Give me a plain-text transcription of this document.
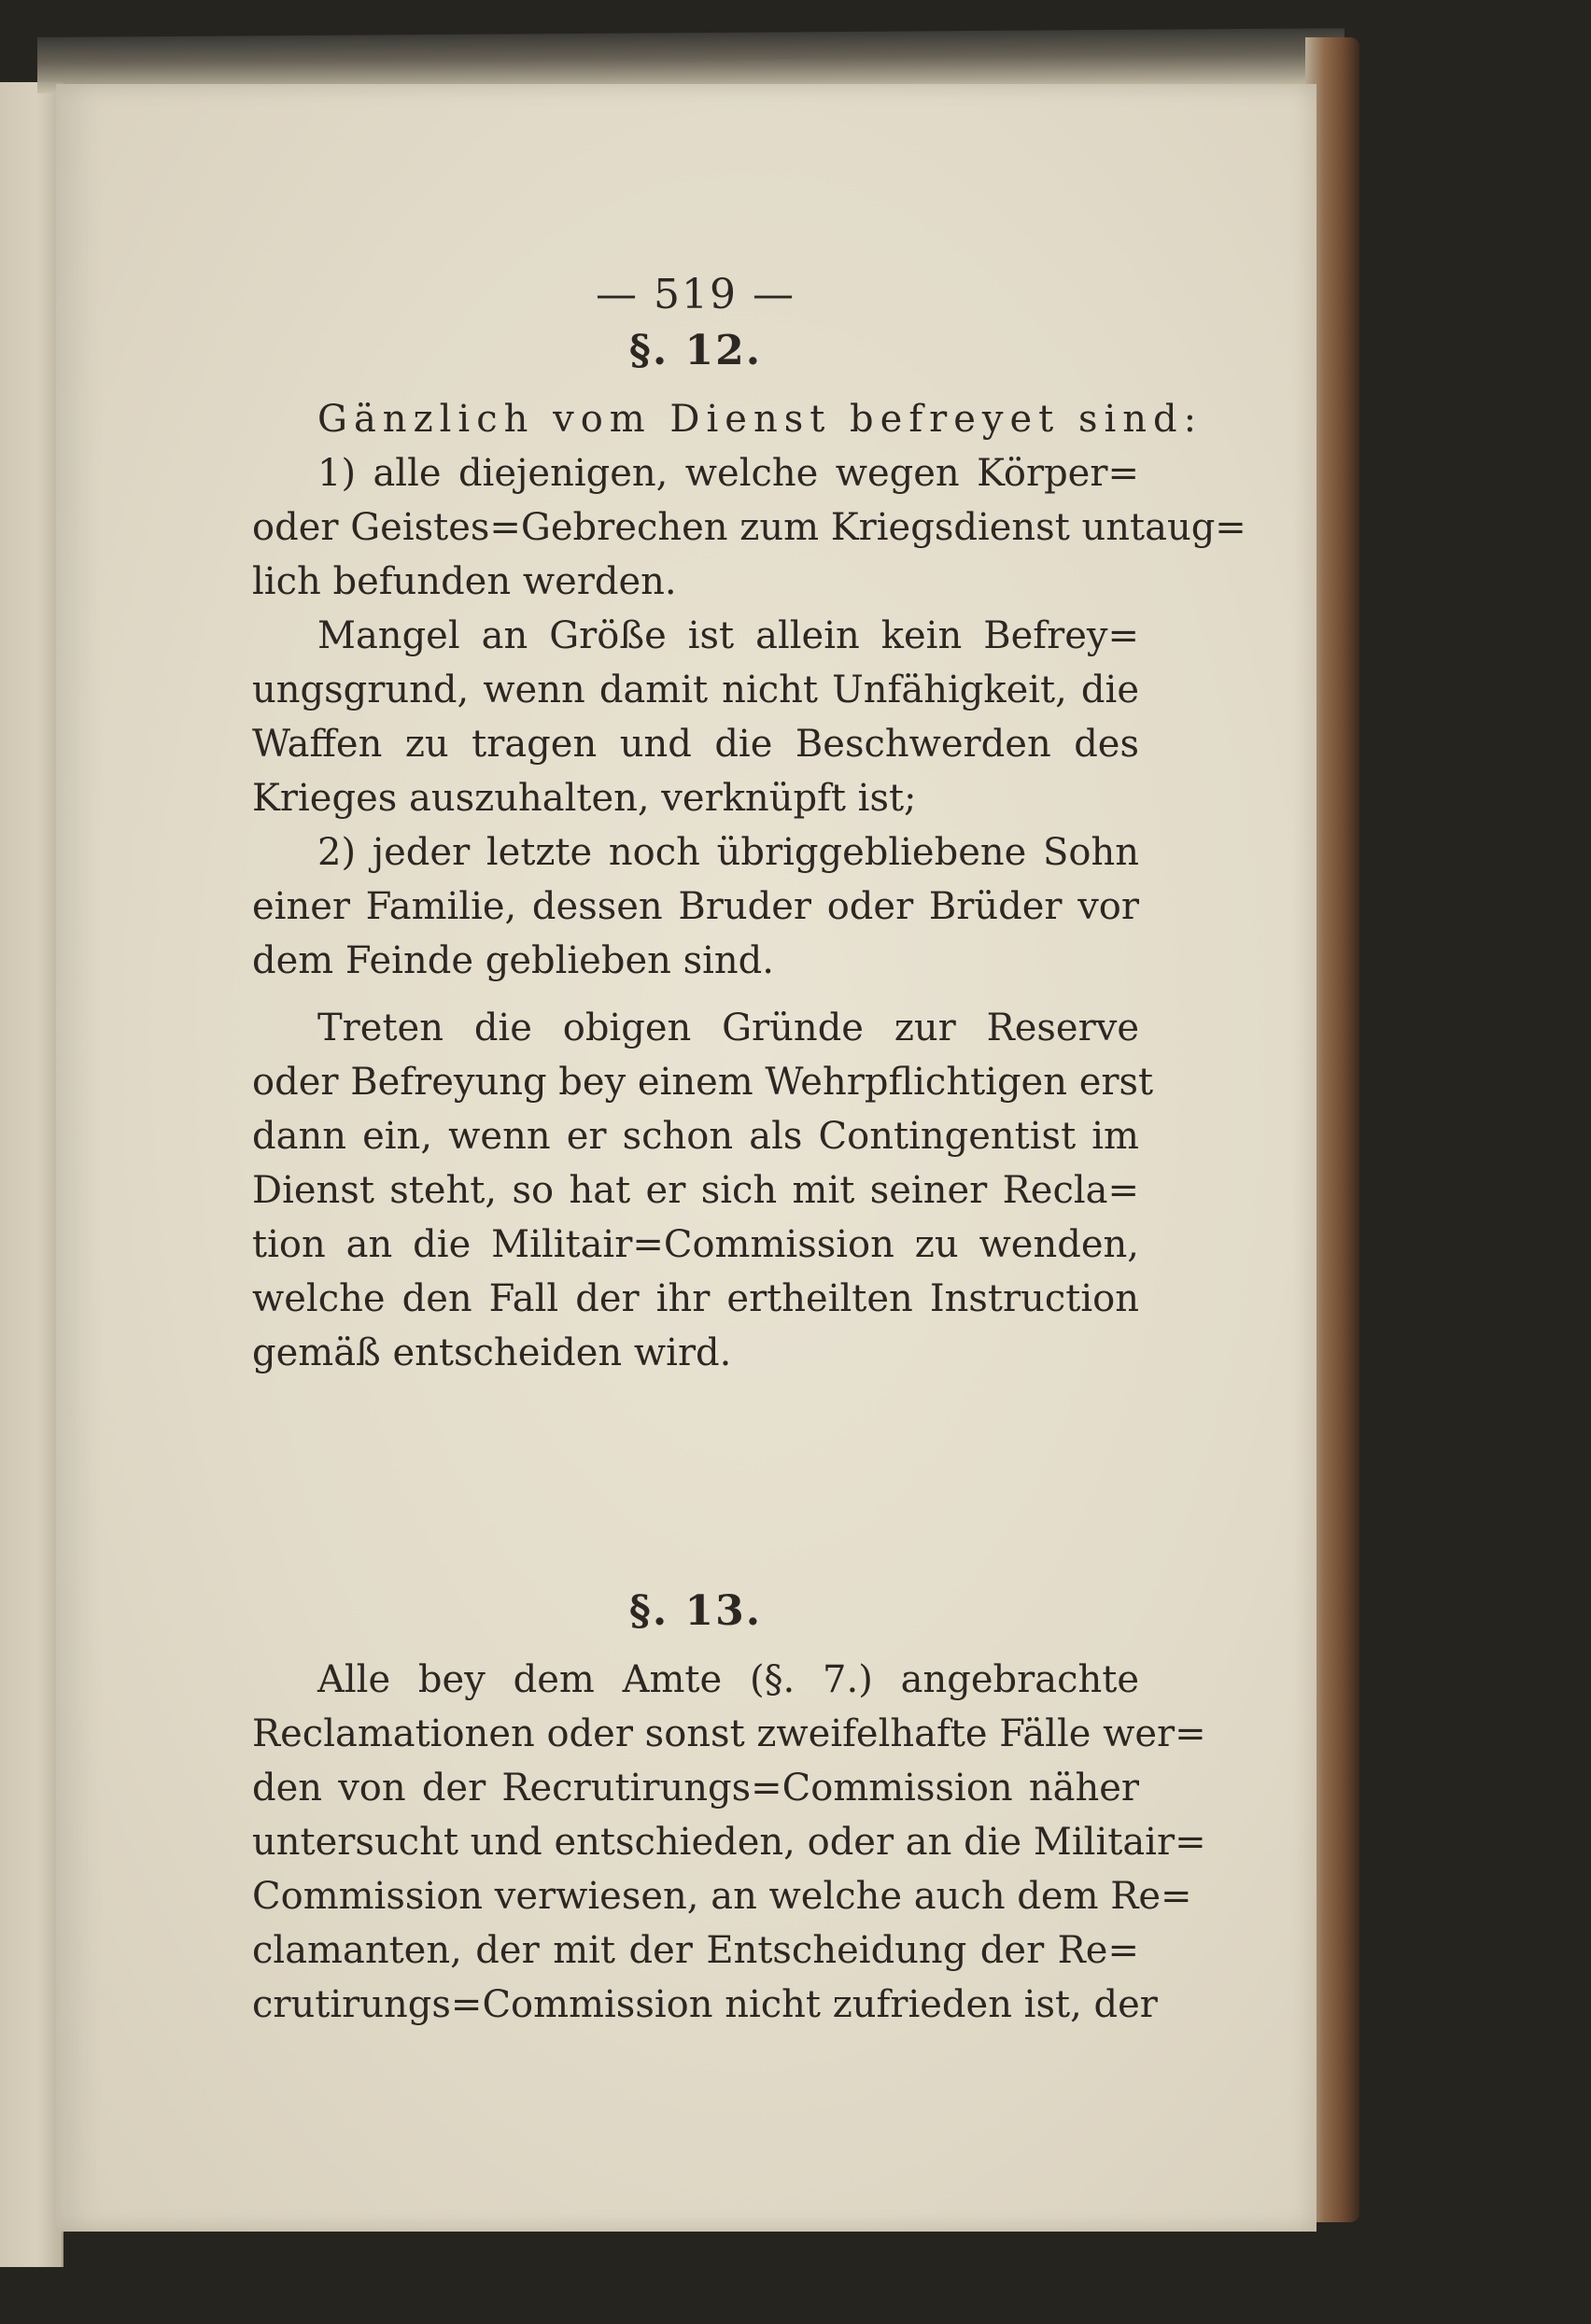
— 519 —

§. 12.

Gänzlich vom Dienst befreyet sind:

1) alle diejenigen, welche wegen Körper=

oder Geistes=Gebrechen zum Kriegsdienst untaug=

lich befunden werden.

Mangel an Größe ist allein kein Befrey=

ungsgrund, wenn damit nicht Unfähigkeit, die

Waffen zu tragen und die Beschwerden des

Krieges auszuhalten, verknüpft ist;

2) jeder letzte noch übriggebliebene Sohn

einer Familie, dessen Bruder oder Brüder vor

dem Feinde geblieben sind.

Treten die obigen Gründe zur Reserve

oder Befreyung bey einem Wehrpflichtigen erst

dann ein, wenn er schon als Contingentist im

Dienst steht, so hat er sich mit seiner Recla=

tion an die Militair=Commission zu wenden,

welche den Fall der ihr ertheilten Instruction

gemäß entscheiden wird.

§. 13.

Alle bey dem Amte (§. 7.) angebrachte

Reclamationen oder sonst zweifelhafte Fälle wer=

den von der Recrutirungs=Commission näher

untersucht und entschieden, oder an die Militair=

Commission verwiesen, an welche auch dem Re=

clamanten, der mit der Entscheidung der Re=

crutirungs=Commission nicht zufrieden ist, der
